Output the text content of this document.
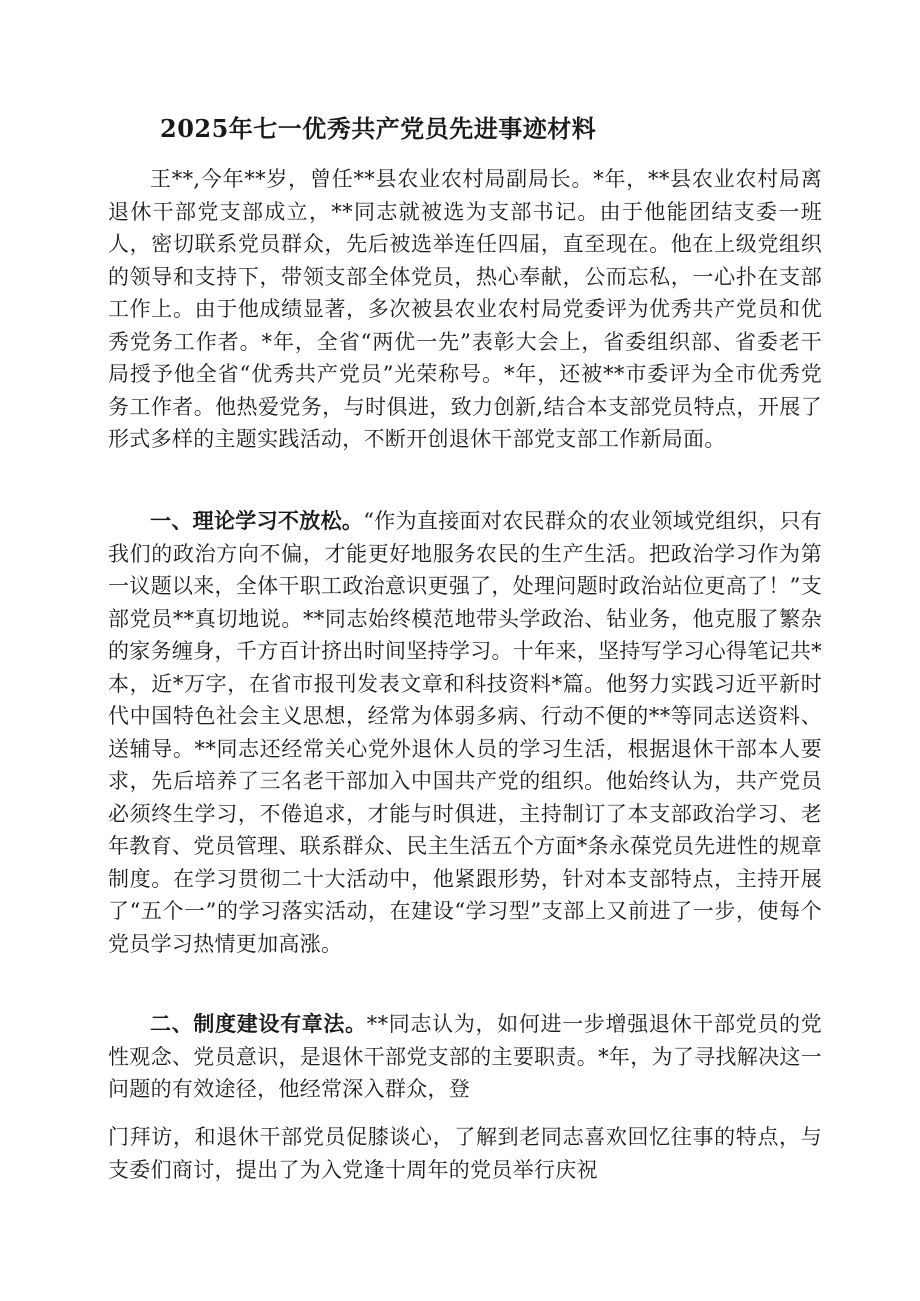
2025年七一优秀共产党员先进事迹材料

王**,今年**岁，曾任**县农业农村局副局长。*年，**县农业农村局离退休干部党支部成立，**同志就被选为支部书记。由于他能团结支委一班人，密切联系党员群众，先后被选举连任四届，直至现在。他在上级党组织的领导和支持下，带领支部全体党员，热心奉献，公而忘私，一心扑在支部工作上。由于他成绩显著，多次被县农业农村局党委评为优秀共产党员和优秀党务工作者。*年，全省“两优一先”表彰大会上，省委组织部、省委老干局授予他全省“优秀共产党员”光荣称号。*年，还被**市委评为全市优秀党务工作者。他热爱党务，与时俱进，致力创新,结合本支部党员特点，开展了形式多样的主题实践活动，不断开创退休干部党支部工作新局面。

一、理论学习不放松。“作为直接面对农民群众的农业领域党组织，只有我们的政治方向不偏，才能更好地服务农民的生产生活。把政治学习作为第一议题以来，全体干职工政治意识更强了，处理问题时政治站位更高了！”支部党员**真切地说。**同志始终模范地带头学政治、钻业务，他克服了繁杂的家务缠身，千方百计挤出时间坚持学习。十年来，坚持写学习心得笔记共*本，近*万字，在省市报刊发表文章和科技资料*篇。他努力实践习近平新时代中国特色社会主义思想，经常为体弱多病、行动不便的**等同志送资料、送辅导。**同志还经常关心党外退休人员的学习生活，根据退休干部本人要求，先后培养了三名老干部加入中国共产党的组织。他始终认为，共产党员必须终生学习，不倦追求，才能与时俱进，主持制订了本支部政治学习、老年教育、党员管理、联系群众、民主生活五个方面*条永葆党员先进性的规章制度。在学习贯彻二十大活动中，他紧跟形势，针对本支部特点，主持开展了“五个一”的学习落实活动，在建设“学习型”支部上又前进了一步，使每个党员学习热情更加高涨。

二、制度建设有章法。**同志认为，如何进一步增强退休干部党员的党性观念、党员意识，是退休干部党支部的主要职责。*年，为了寻找解决这一问题的有效途径，他经常深入群众，登

门拜访，和退休干部党员促膝谈心，了解到老同志喜欢回忆往事的特点，与支委们商讨，提出了为入党逢十周年的党员举行庆祝
